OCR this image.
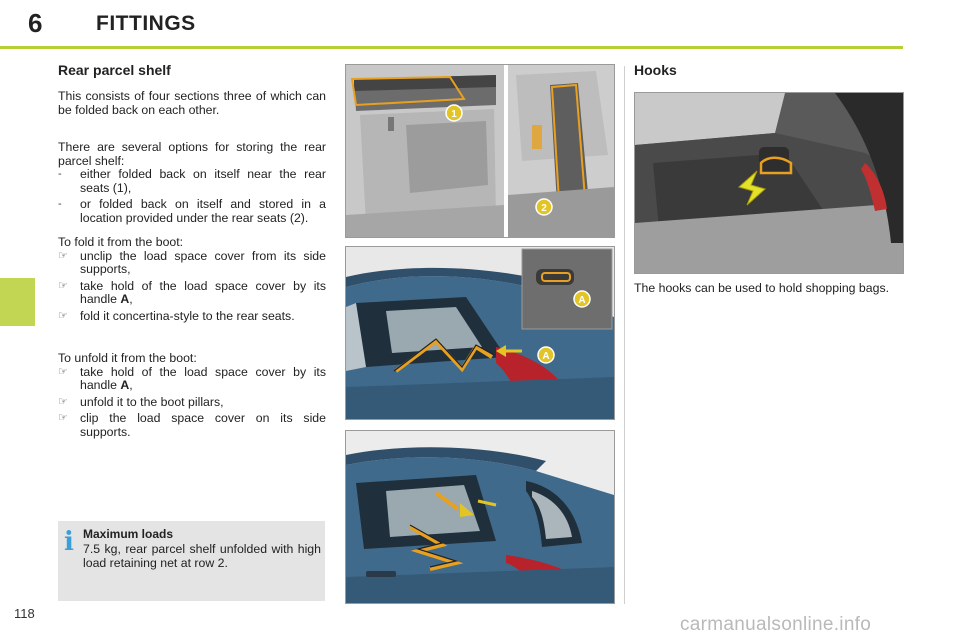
6	FITTINGS
118
Rear parcel shelf

This consists of four sections three of which can be folded back on each other.

There are several options for storing the rear parcel shelf:

-	either folded back on itself near the rear seats (1),
-	or folded back on itself and stored in a location provided under the rear seats (2).

To fold it from the boot:

☞ unclip the load space cover from its side supports,
☞ take hold of the load space cover by its handle A,
☞ fold it concertina-style to the rear seats.

To unfold it from the boot:

☞ take hold of the load space cover by its handle A,
☞ unfold it to the boot pillars,
☞ clip the load space cover on its side supports.
i Maximum loads
7.5 kg, rear parcel shelf unfolded with high load retaining net at row 2.
1
2
A
A
Hooks
The hooks can be used to hold shopping bags.
carmanualsonline.info
